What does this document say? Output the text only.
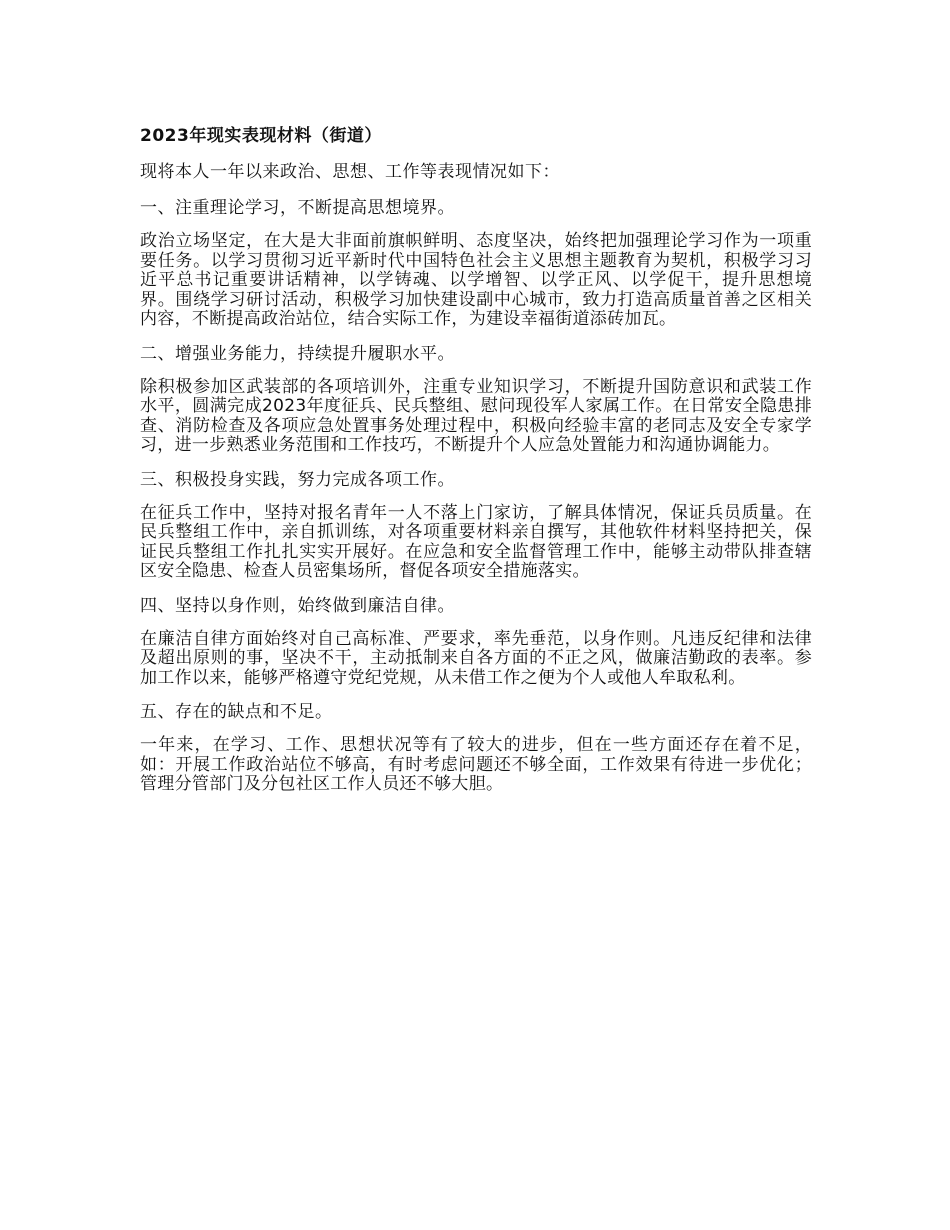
2023年现实表现材料（街道）
现将本人一年以来政治、思想、工作等表现情况如下：
一、注重理论学习，不断提高思想境界。
政治立场坚定，在大是大非面前旗帜鲜明、态度坚决，始终把加强理论学习作为一项重要任务。以学习贯彻习近平新时代中国特色社会主义思想主题教育为契机，积极学习习近平总书记重要讲话精神，以学铸魂、以学增智、以学正风、以学促干，提升思想境界。围绕学习研讨活动，积极学习加快建设副中心城市，致力打造高质量首善之区相关内容，不断提高政治站位，结合实际工作，为建设幸福街道添砖加瓦。
二、增强业务能力，持续提升履职水平。
除积极参加区武装部的各项培训外，注重专业知识学习，不断提升国防意识和武装工作水平，圆满完成2023年度征兵、民兵整组、慰问现役军人家属工作。在日常安全隐患排查、消防检查及各项应急处置事务处理过程中，积极向经验丰富的老同志及安全专家学习，进一步熟悉业务范围和工作技巧，不断提升个人应急处置能力和沟通协调能力。
三、积极投身实践，努力完成各项工作。
在征兵工作中，坚持对报名青年一人不落上门家访，了解具体情况，保证兵员质量。在民兵整组工作中，亲自抓训练，对各项重要材料亲自撰写，其他软件材料坚持把关，保证民兵整组工作扎扎实实开展好。在应急和安全监督管理工作中，能够主动带队排查辖区安全隐患、检查人员密集场所，督促各项安全措施落实。
四、坚持以身作则，始终做到廉洁自律。
在廉洁自律方面始终对自己高标准、严要求，率先垂范，以身作则。凡违反纪律和法律及超出原则的事，坚决不干，主动抵制来自各方面的不正之风，做廉洁勤政的表率。参加工作以来，能够严格遵守党纪党规，从未借工作之便为个人或他人牟取私利。
五、存在的缺点和不足。
一年来，在学习、工作、思想状况等有了较大的进步，但在一些方面还存在着不足，如：开展工作政治站位不够高，有时考虑问题还不够全面，工作效果有待进一步优化；管理分管部门及分包社区工作人员还不够大胆。
